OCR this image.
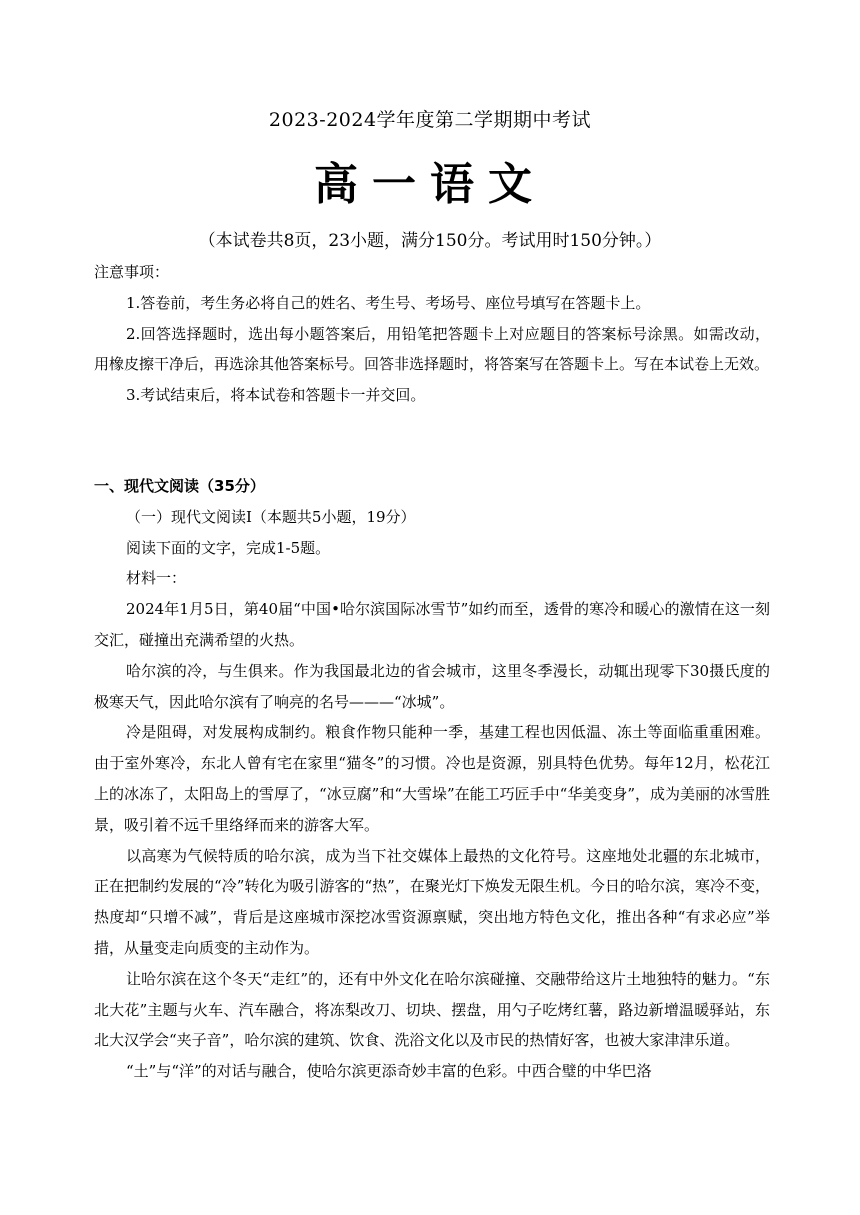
2023-2024学年度第二学期期中考试
高一语文
（本试卷共8页，23小题，满分150分。考试用时150分钟。）

注意事项：

1.答卷前，考生务必将自己的姓名、考生号、考场号、座位号填写在答题卡上。

2.回答选择题时，选出每小题答案后，用铅笔把答题卡上对应题目的答案标号涂黑。如需改动，用橡皮擦干净后，再选涂其他答案标号。回答非选择题时，将答案写在答题卡上。写在本试卷上无效。

3.考试结束后，将本试卷和答题卡一并交回。

一、现代文阅读（35分）

（一）现代文阅读Ⅰ（本题共5小题，19分）

阅读下面的文字，完成1-5题。

材料一：

2024年1月5日，第40届“中国•哈尔滨国际冰雪节”如约而至，透骨的寒冷和暖心的激情在这一刻交汇，碰撞出充满希望的火热。

哈尔滨的冷，与生俱来。作为我国最北边的省会城市，这里冬季漫长，动辄出现零下30摄氏度的极寒天气，因此哈尔滨有了响亮的名号———“冰城”。

冷是阻碍，对发展构成制约。粮食作物只能种一季，基建工程也因低温、冻土等面临重重困难。由于室外寒冷，东北人曾有宅在家里“猫冬”的习惯。冷也是资源，别具特色优势。每年12月，松花江上的冰冻了，太阳岛上的雪厚了，“冰豆腐”和“大雪垛”在能工巧匠手中“华美变身”，成为美丽的冰雪胜景，吸引着不远千里络绎而来的游客大军。

以高寒为气候特质的哈尔滨，成为当下社交媒体上最热的文化符号。这座地处北疆的东北城市，正在把制约发展的“冷”转化为吸引游客的“热”，在聚光灯下焕发无限生机。今日的哈尔滨，寒冷不变，热度却“只增不减”，背后是这座城市深挖冰雪资源禀赋，突出地方特色文化，推出各种“有求必应”举措，从量变走向质变的主动作为。

让哈尔滨在这个冬天“走红”的，还有中外文化在哈尔滨碰撞、交融带给这片土地独特的魅力。“东北大花”主题与火车、汽车融合，将冻梨改刀、切块、摆盘，用勺子吃烤红薯，路边新增温暖驿站，东北大汉学会“夹子音”，哈尔滨的建筑、饮食、洗浴文化以及市民的热情好客，也被大家津津乐道。

“土”与“洋”的对话与融合，使哈尔滨更添奇妙丰富的色彩。中西合璧的中华巴洛
